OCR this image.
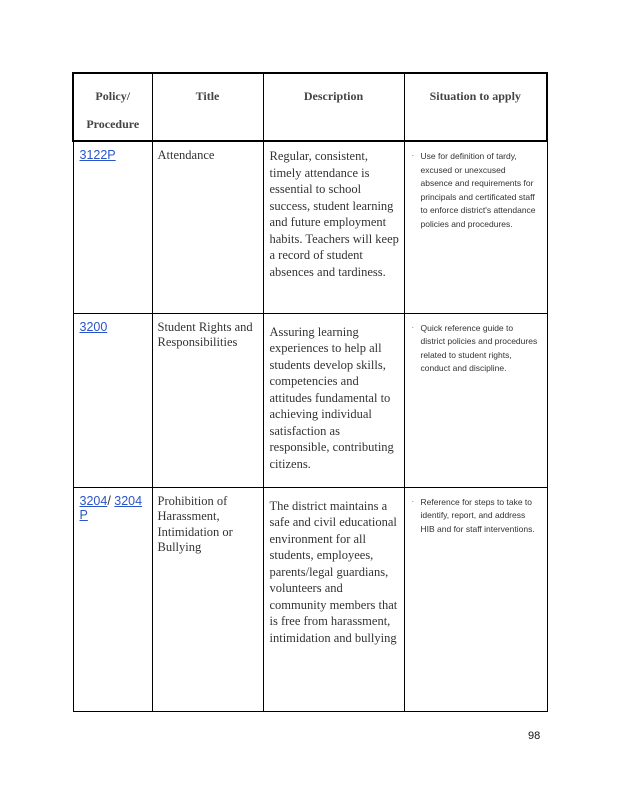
Policy/ Procedure	Title	Description	Situation to apply

3122P	Attendance	Regular, consistent, timely attendance is essential to school success, student learning and future employment habits. Teachers will keep a record of student absences and tardiness.	· Use for definition of tardy, excused or unexcused absence and requirements for principals and certificated staff to enforce district's attendance policies and procedures.

3200	Student Rights and Responsibilities	Assuring learning experiences to help all students develop skills, competencies and attitudes fundamental to achieving individual satisfaction as responsible, contributing citizens.	· Quick reference guide to district policies and procedures related to student rights, conduct and discipline.

3204/ 3204 P	Prohibition of Harassment, Intimidation or Bullying	The district maintains a safe and civil educational environment for all students, employees, parents/legal guardians, volunteers and community members that is free from harassment, intimidation and bullying	· Reference for steps to take to identify, report, and address HIB and for staff interventions.
98
